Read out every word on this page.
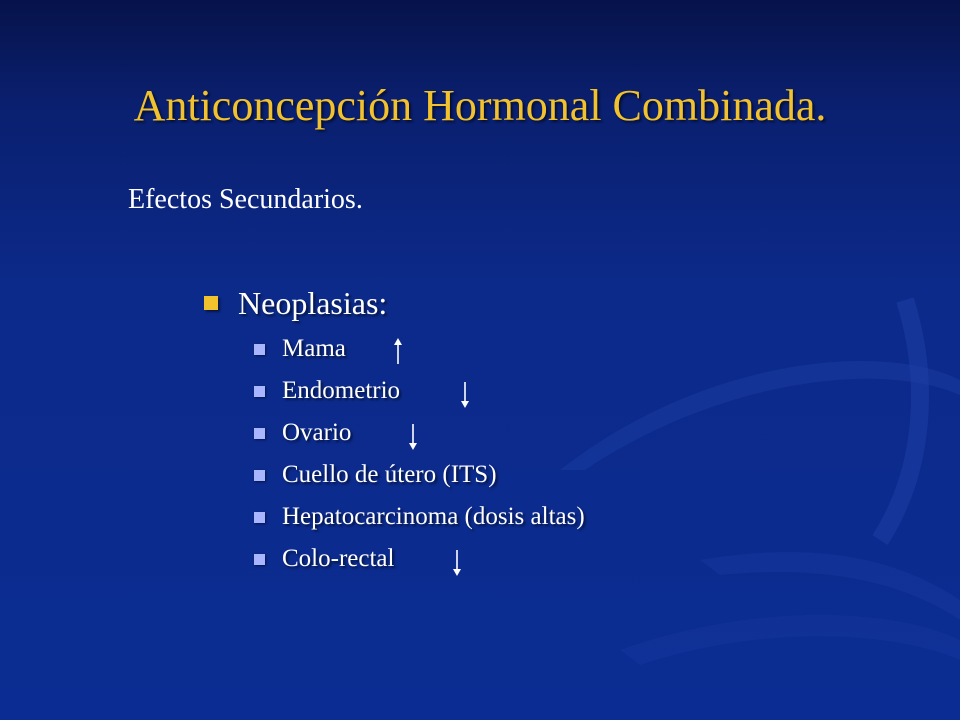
Anticoncepción Hormonal Combinada.
Efectos Secundarios.
Neoplasias:
Mama
Endometrio
Ovario
Cuello de útero (ITS)
Hepatocarcinoma (dosis altas)
Colo-rectal
